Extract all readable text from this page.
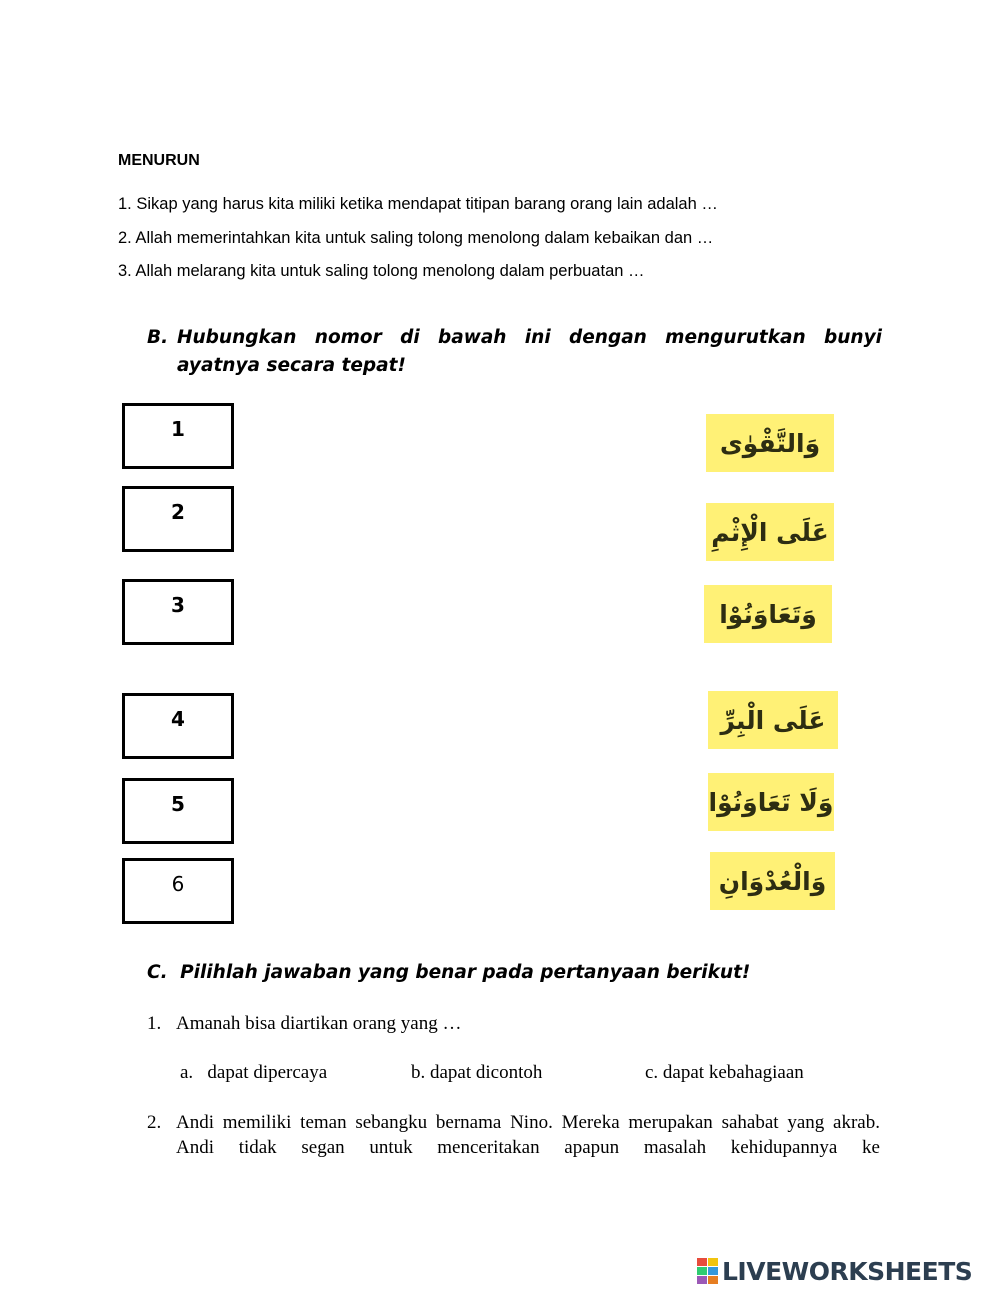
MENURUN
1. Sikap yang harus kita miliki ketika mendapat titipan barang orang lain adalah …
2. Allah memerintahkan kita untuk saling tolong menolong dalam kebaikan dan …
3. Allah melarang kita untuk saling tolong menolong dalam perbuatan …
B. Hubungkan nomor di bawah ini dengan mengurutkan bunyi ayatnya secara tepat!
1
2
3
4
5
6
وَالتَّقْوٰى
عَلَى الْإِثْمِ
وَتَعَاوَنُوْا
عَلَى الْبِرِّ
وَلَا تَعَاوَنُوْا
وَالْعُدْوَانِ
C. Pilihlah jawaban yang benar pada pertanyaan berikut!
1. Amanah bisa diartikan orang yang …
a.   dapat dipercaya	b. dapat dicontoh	c. dapat kebahagiaan
2. Andi memiliki teman sebangku bernama Nino. Mereka merupakan sahabat yang akrab. Andi tidak segan untuk menceritakan apapun masalah kehidupannya ke
LIVEWORKSHEETS
